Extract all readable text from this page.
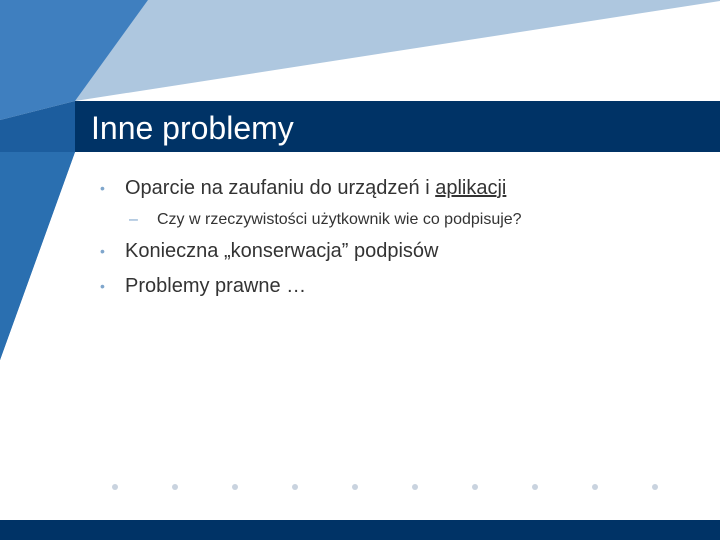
Inne problemy
• Oparcie na zaufaniu do urządzeń i aplikacji
– Czy w rzeczywistości użytkownik wie co podpisuje?
• Konieczna „konserwacja” podpisów
• Problemy prawne …
